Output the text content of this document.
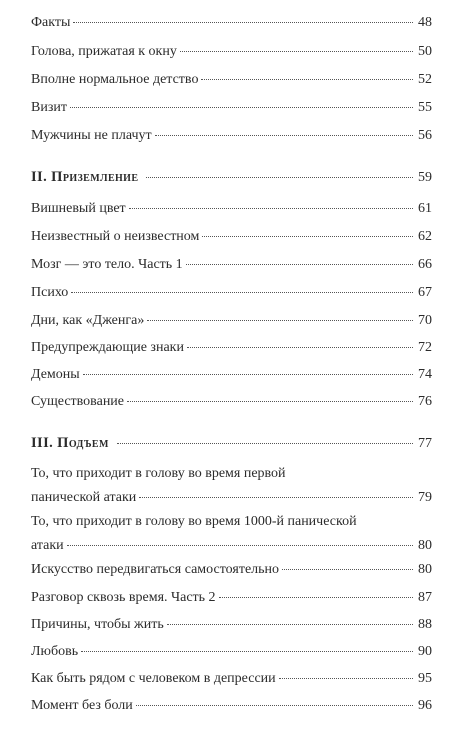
Факты	48
Голова, прижатая к окну	50
Вполне нормальное детство	52
Визит	55
Мужчины не плачут	56
II. Приземление	59
Вишневый цвет	61
Неизвестный о неизвестном	62
Мозг — это тело. Часть 1	66
Психо	67
Дни, как «Дженга»	70
Предупреждающие знаки	72
Демоны	74
Существование	76
III. Подъем	77
То, что приходит в голову во время первой
панической атаки	79
То, что приходит в голову во время 1000-й панической
атаки	80
Искусство передвигаться самостоятельно	80
Разговор сквозь время. Часть 2	87
Причины, чтобы жить	88
Любовь	90
Как быть рядом с человеком в депрессии	95
Момент без боли	96
